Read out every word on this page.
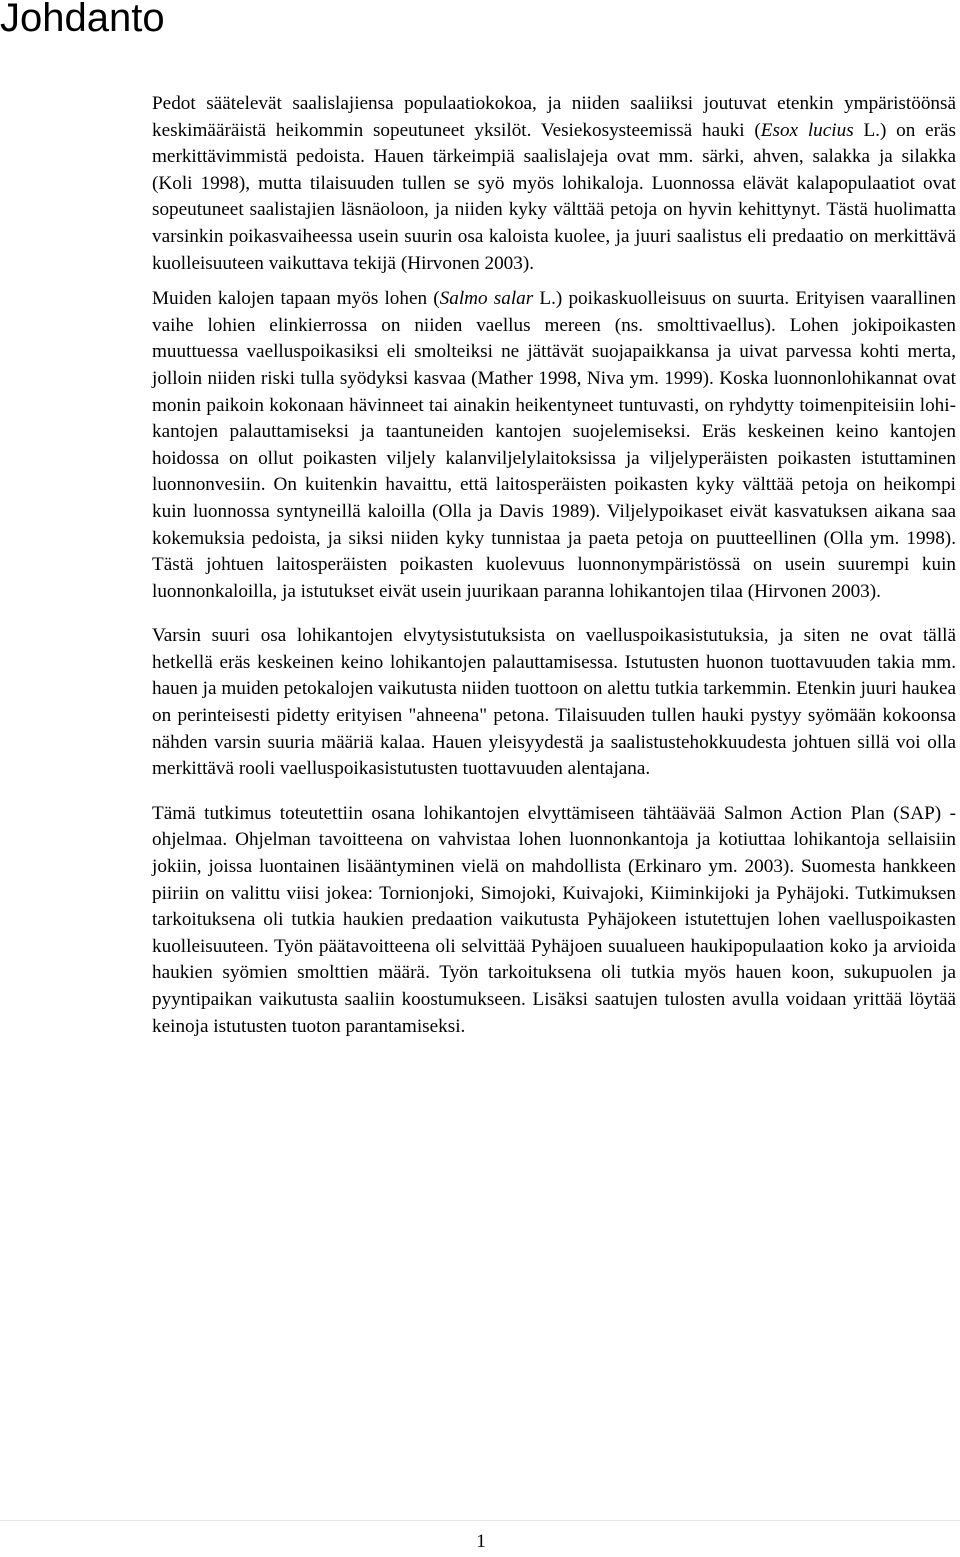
Johdanto

Pedot säätelevät saalislajiensa populaatiokokoa, ja niiden saaliiksi joutuvat etenkin ympäristöönsä keskimääräistä heikommin sopeutuneet yksilöt. Vesiekosysteemissä hauki (Esox lucius L.) on eräs merkittävimmistä pedoista. Hauen tärkeimpiä saalislajeja ovat mm. särki, ahven, salakka ja silakka (Koli 1998), mutta tilaisuuden tullen se syö myös lohikaloja. Luonnossa elävät kalapopulaatiot ovat sopeutuneet saalistajien läsnäoloon, ja niiden kyky välttää petoja on hyvin kehittynyt. Tästä huolimatta varsinkin poikasvaiheessa usein suurin osa kaloista kuolee, ja juuri saalistus eli predaatio on merkittävä kuolleisuuteen vaikuttava tekijä (Hirvonen 2003).

Muiden kalojen tapaan myös lohen (Salmo salar L.) poikaskuolleisuus on suurta. Erityisen vaarallinen vaihe lohien elinkierrossa on niiden vaellus mereen (ns. smolttivaellus). Lohen jokipoikasten muuttuessa vaelluspoikasiksi eli smolteiksi ne jättävät suojapaikkansa ja uivat parvessa kohti merta, jolloin niiden riski tulla syödyksi kasvaa (Mather 1998, Niva ym. 1999). Koska luonnonlohikannat ovat monin paikoin kokonaan hävinneet tai ainakin heikentyneet tuntuvasti, on ryhdytty toimenpiteisiin lohikantojen palauttamiseksi ja taantuneiden kantojen suojelemiseksi. Eräs keskeinen keino kantojen hoidossa on ollut poikasten viljely kalanviljelylaitoksissa ja viljelyperäisten poikasten istuttaminen luonnonvesiin. On kuitenkin havaittu, että laitosperäisten poikasten kyky välttää petoja on heikompi kuin luonnossa syntyneillä kaloilla (Olla ja Davis 1989). Viljelypoikaset eivät kasvatuksen aikana saa kokemuksia pedoista, ja siksi niiden kyky tunnistaa ja paeta petoja on puutteellinen (Olla ym. 1998). Tästä johtuen laitosperäisten poikasten kuolevuus luonnonympäristössä on usein suurempi kuin luonnonkaloilla, ja istutukset eivät usein juurikaan paranna lohikantojen tilaa (Hirvonen 2003).

Varsin suuri osa lohikantojen elvytysistutuksista on vaelluspoikasistutuksia, ja siten ne ovat tällä hetkellä eräs keskeinen keino lohikantojen palauttamisessa. Istutusten huonon tuottavuuden takia mm. hauen ja muiden petokalojen vaikutusta niiden tuottoon on alettu tutkia tarkemmin. Etenkin juuri haukea on perinteisesti pidetty erityisen "ahneena" petona. Tilaisuuden tullen hauki pystyy syömään kokoonsa nähden varsin suuria määriä kalaa. Hauen yleisyydestä ja saalistustehokkuudesta johtuen sillä voi olla merkittävä rooli vaelluspoikasistutusten tuottavuuden alentajana.

Tämä tutkimus toteutettiin osana lohikantojen elvyttämiseen tähtäävää Salmon Action Plan (SAP) -ohjelmaa. Ohjelman tavoitteena on vahvistaa lohen luonnonkantoja ja kotiuttaa lohikantoja sellaisiin jokiin, joissa luontainen lisääntyminen vielä on mahdollista (Erkinaro ym. 2003). Suomesta hankkeen piiriin on valittu viisi jokea: Tornionjoki, Simojoki, Kuivajoki, Kiiminkijoki ja Pyhäjoki. Tutkimuksen tarkoituksena oli tutkia haukien predaation vaikutusta Pyhäjokeen istutettujen lohen vaelluspoikasten kuolleisuuteen. Työn päätavoitteena oli selvittää Pyhäjoen suualueen haukipopulaation koko ja arvioida haukien syömien smolttien määrä. Työn tarkoituksena oli tutkia myös hauen koon, sukupuolen ja pyyntipaikan vaikutusta saaliin koostumukseen. Lisäksi saatujen tulosten avulla voidaan yrittää löytää keinoja istutusten tuoton parantamiseksi.

1
